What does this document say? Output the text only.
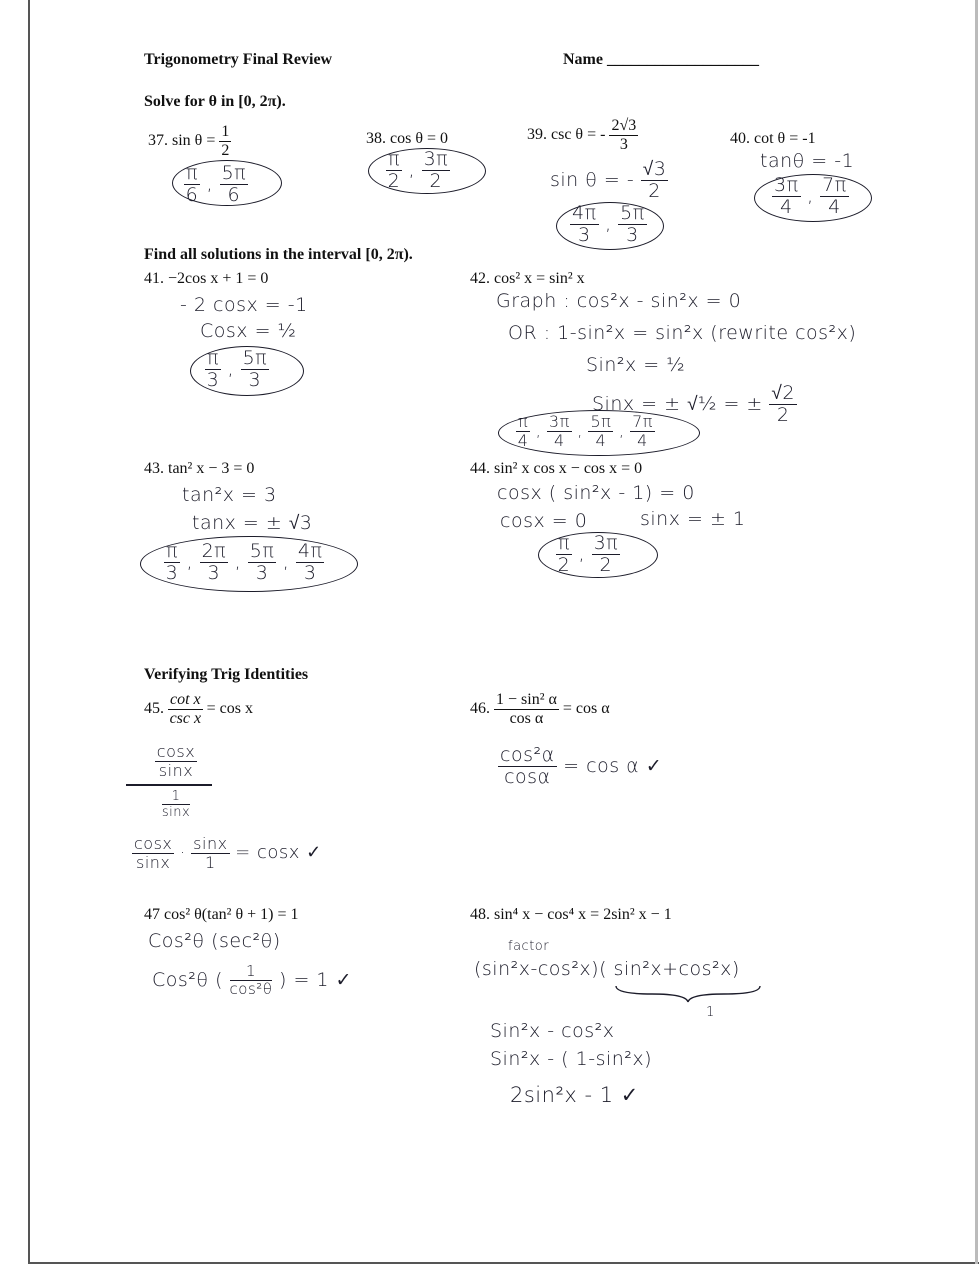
Trigonometry Final Review	Name ___________________
Solve for θ in [0, 2π).
37. $\sin \theta = \frac{1}{2}$
$\frac{\pi}{6}$ , $\frac{5\pi}{6}$
38. cos θ = 0
$\frac{\pi}{2}$ , $\frac{3\pi}{2}$
39. csc θ = - $\frac{2√3}{3}$
sin θ = - $\frac{√3}{2}$
$\frac{4\pi}{3}$ , $\frac{5\pi}{3}$
40. cot θ = -1
tanθ = -1
$\frac{3\pi}{4}$ , $\frac{7\pi}{4}$
Find all solutions in the interval [0, 2π).
41. −2cos x + 1 = 0
- 2 cosx = -1
Cosx = ½
$\frac{\pi}{3}$ , $\frac{5\pi}{3}$
42. cos² x = sin² x
Graph : cos²x - sin²x = 0
OR : 1-sin²x = sin²x (rewrite cos²x)
Sin²x = ½
Sinx = ± √½ = ± $\frac{√2}{2}$
$\frac{\pi}{4}$ , $\frac{3\pi}{4}$ , $\frac{5\pi}{4}$ , $\frac{7\pi}{4}$
43. tan² x − 3 = 0
tan²x = 3
tanx = ± √3
$\frac{\pi}{3}$ , $\frac{2\pi}{3}$ , $\frac{5\pi}{3}$ , $\frac{4\pi}{3}$
44. sin² x cos x − cos x = 0
cosx ( sin²x - 1) = 0
cosx = 0	sinx = ± 1
$\frac{\pi}{2}$ , $\frac{3\pi}{2}$
Verifying Trig Identities
45.
cot x
csc x
= cos x
$\frac{\cos x}{\sin x}$
$\frac{1}{\sin x}$
$\frac{\cos x}{\sin x} \cdot \frac{\sin x}{1} = \cos x$ ✓
46. $\frac{\text{1 − sin² α}}{\text{cos α}} = \cos \alpha$
$\frac{\text{cos²α}}{\cos\alpha} = \cos \alpha$ ✓
47 cos² θ(tan² θ + 1) = 1
Cos²θ (sec²θ)
Cos²θ ( $\frac{1}{\text{cos²θ}}$ ) = 1 ✓
48. sin⁴ x − cos⁴ x = 2sin² x − 1
factor
(sin²x-cos²x)( sin²x+cos²x)
1
Sin²x - cos²x
Sin²x - ( 1-sin²x)
2sin²x - 1 ✓
